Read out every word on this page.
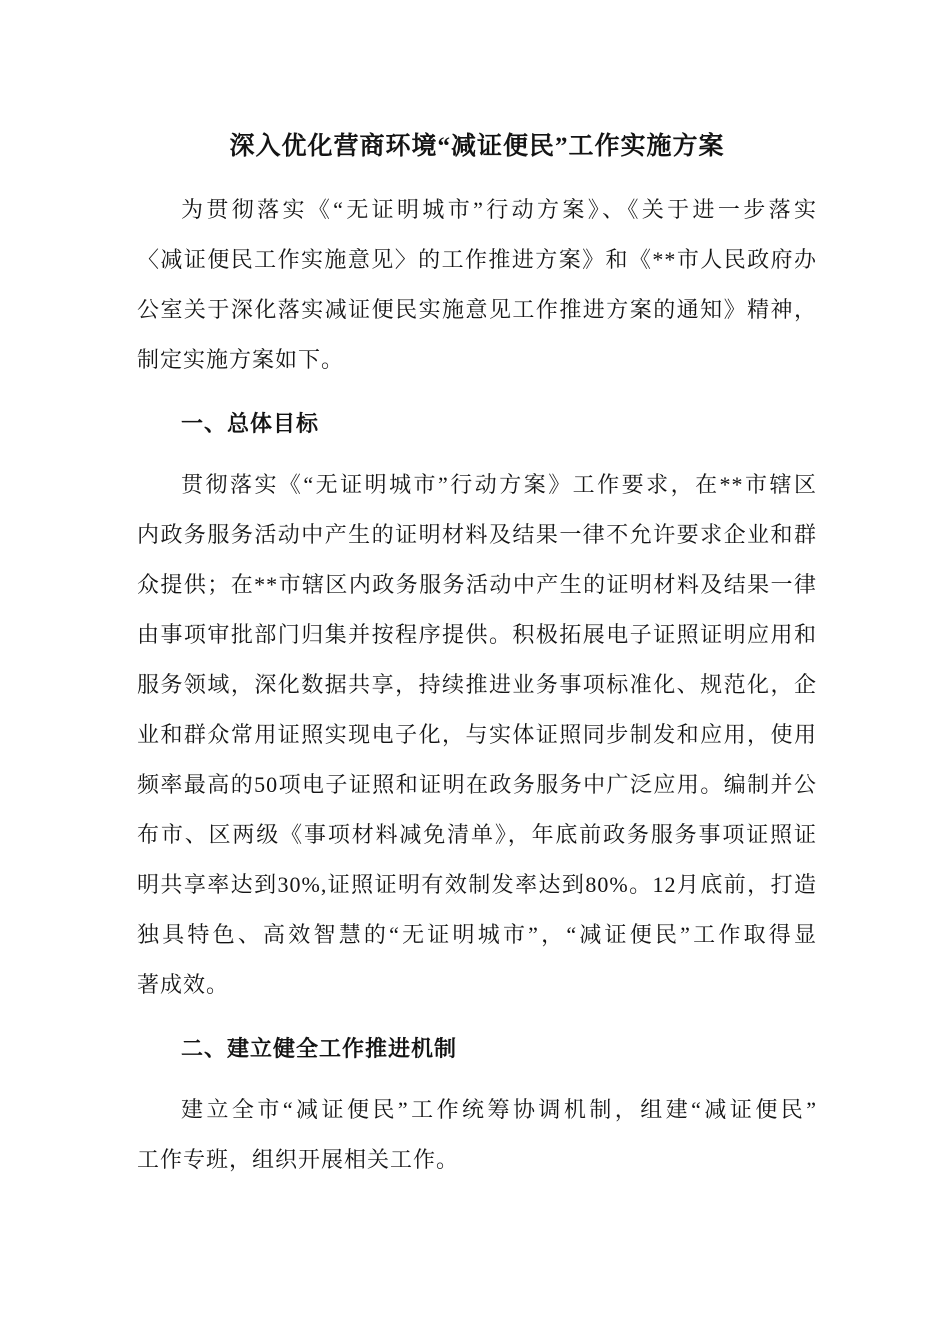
深入优化营商环境“减证便民”工作实施方案
为贯彻落实《“无证明城市”行动方案》、《关于进一步落实
〈减证便民工作实施意见〉的工作推进方案》和《**市人民政府办
公室关于深化落实减证便民实施意见工作推进方案的通知》精神，
制定实施方案如下。
一、总体目标
贯彻落实《“无证明城市”行动方案》工作要求，在**市辖区
内政务服务活动中产生的证明材料及结果一律不允许要求企业和群
众提供；在**市辖区内政务服务活动中产生的证明材料及结果一律
由事项审批部门归集并按程序提供。积极拓展电子证照证明应用和
服务领域，深化数据共享，持续推进业务事项标准化、规范化，企
业和群众常用证照实现电子化，与实体证照同步制发和应用，使用
频率最高的50项电子证照和证明在政务服务中广泛应用。编制并公
布市、区两级《事项材料减免清单》，年底前政务服务事项证照证
明共享率达到30%,证照证明有效制发率达到80%。12月底前，打造
独具特色、高效智慧的“无证明城市”，“减证便民”工作取得显
著成效。
二、建立健全工作推进机制
建立全市“减证便民”工作统筹协调机制，组建“减证便民”
工作专班，组织开展相关工作。
